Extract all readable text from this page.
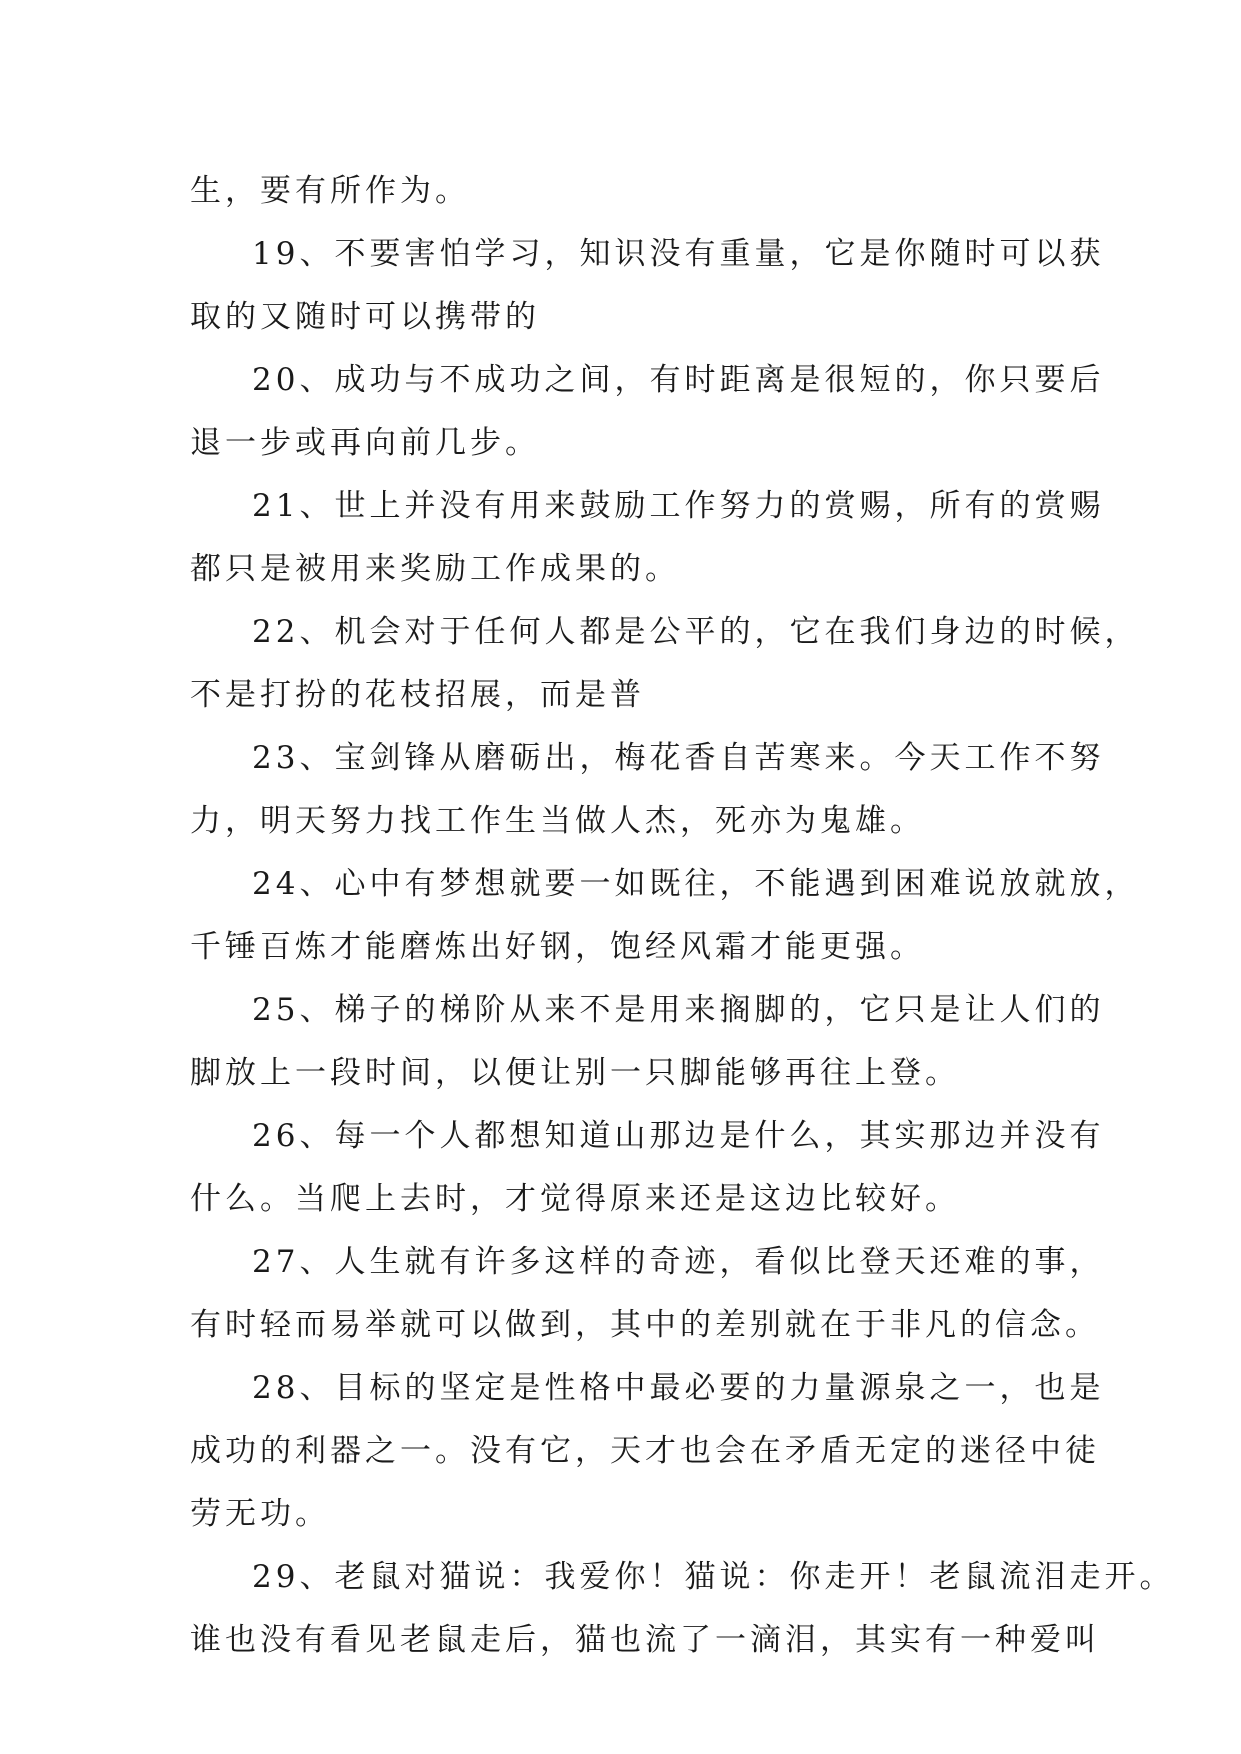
生，要有所作为。
19、不要害怕学习，知识没有重量，它是你随时可以获
取的又随时可以携带的
20、成功与不成功之间，有时距离是很短的，你只要后
退一步或再向前几步。
21、世上并没有用来鼓励工作努力的赏赐，所有的赏赐
都只是被用来奖励工作成果的。
22、机会对于任何人都是公平的，它在我们身边的时候，
不是打扮的花枝招展，而是普
23、宝剑锋从磨砺出，梅花香自苦寒来。今天工作不努
力，明天努力找工作生当做人杰，死亦为鬼雄。
24、心中有梦想就要一如既往，不能遇到困难说放就放，
千锤百炼才能磨炼出好钢，饱经风霜才能更强。
25、梯子的梯阶从来不是用来搁脚的，它只是让人们的
脚放上一段时间，以便让别一只脚能够再往上登。
26、每一个人都想知道山那边是什么，其实那边并没有
什么。当爬上去时，才觉得原来还是这边比较好。
27、人生就有许多这样的奇迹，看似比登天还难的事，
有时轻而易举就可以做到，其中的差别就在于非凡的信念。
28、目标的坚定是性格中最必要的力量源泉之一，也是
成功的利器之一。没有它，天才也会在矛盾无定的迷径中徒
劳无功。
29、老鼠对猫说：我爱你！猫说：你走开！老鼠流泪走开。
谁也没有看见老鼠走后，猫也流了一滴泪，其实有一种爱叫
